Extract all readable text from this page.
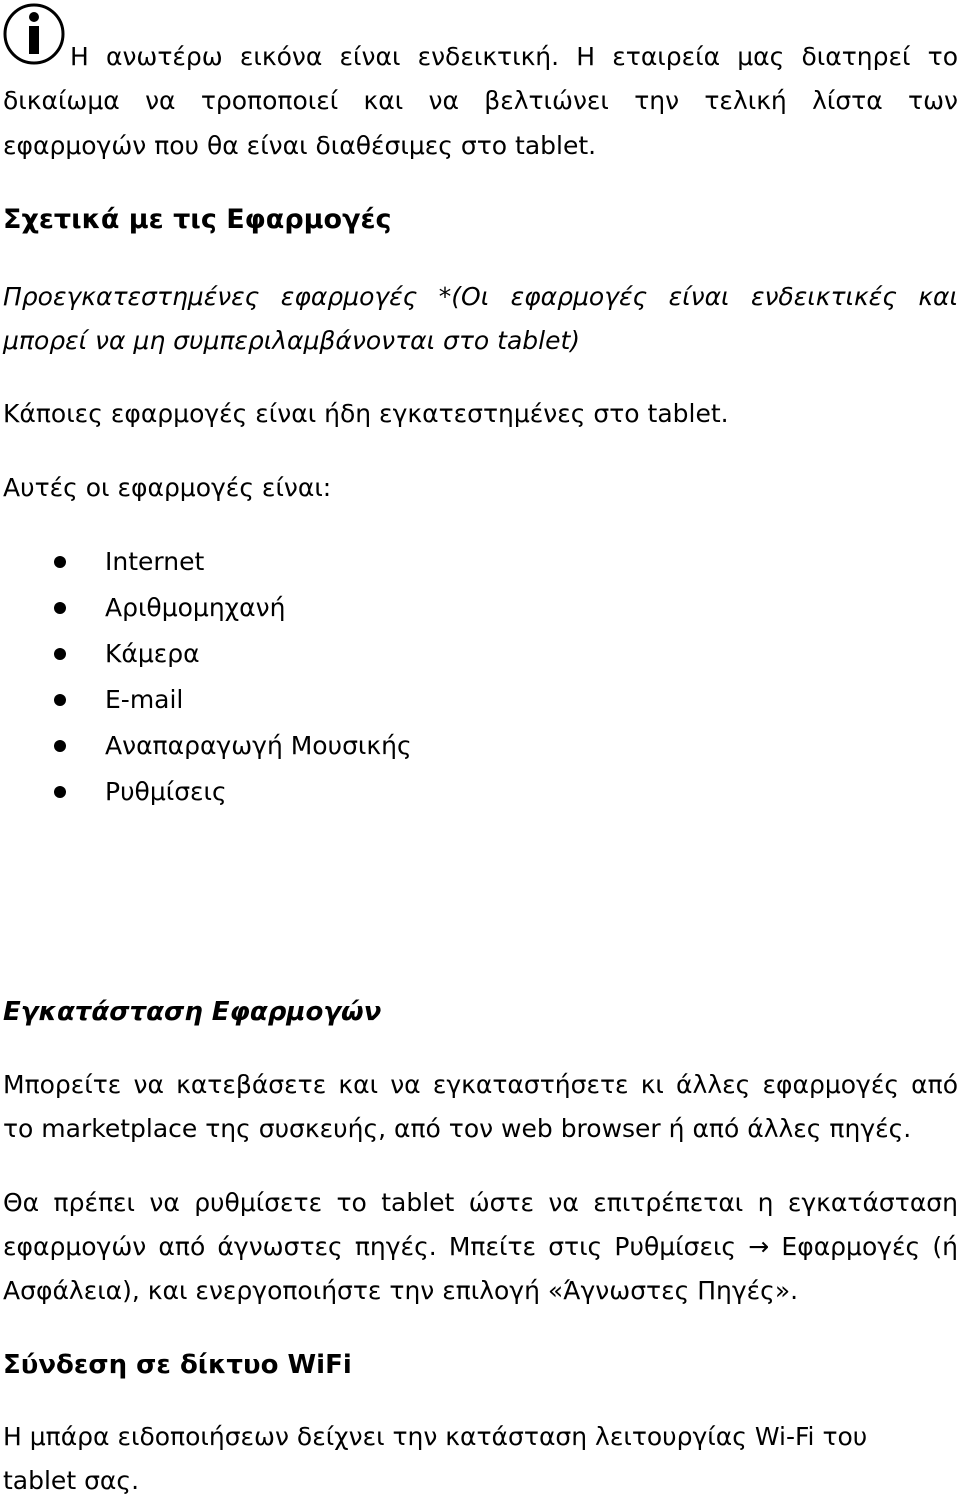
Η ανωτέρω εικόνα είναι ενδεικτική. Η εταιρεία μας διατηρεί το

δικαίωμα να τροποποιεί και να βελτιώνει την τελική λίστα των

εφαρμογών που θα είναι διαθέσιμες στο tablet.

Σχετικά με τις Εφαρμογές

Προεγκατεστημένες εφαρμογές *(Οι εφαρμογές είναι ενδεικτικές και

μπορεί να μη συμπεριλαμβάνονται στο tablet)

Κάποιες εφαρμογές είναι ήδη εγκατεστημένες στο tablet.

Αυτές οι εφαρμογές είναι:

Internet
Αριθμομηχανή
Κάμερα
E-mail
Αναπαραγωγή Μουσικής
Ρυθμίσεις

Εγκατάσταση Εφαρμογών

Μπορείτε να κατεβάσετε και να εγκαταστήσετε κι άλλες εφαρμογές από

το marketplace της συσκευής, από τον web browser ή από άλλες πηγές.

Θα πρέπει να ρυθμίσετε το tablet ώστε να επιτρέπεται η εγκατάσταση

εφαρμογών από άγνωστες πηγές. Μπείτε στις Ρυθμίσεις → Εφαρμογές (ή

Ασφάλεια), και ενεργοποιήστε την επιλογή «Άγνωστες Πηγές».

Σύνδεση σε δίκτυο WiFi

Η μπάρα ειδοποιήσεων δείχνει την κατάσταση λειτουργίας Wi-Fi του

tablet σας.
